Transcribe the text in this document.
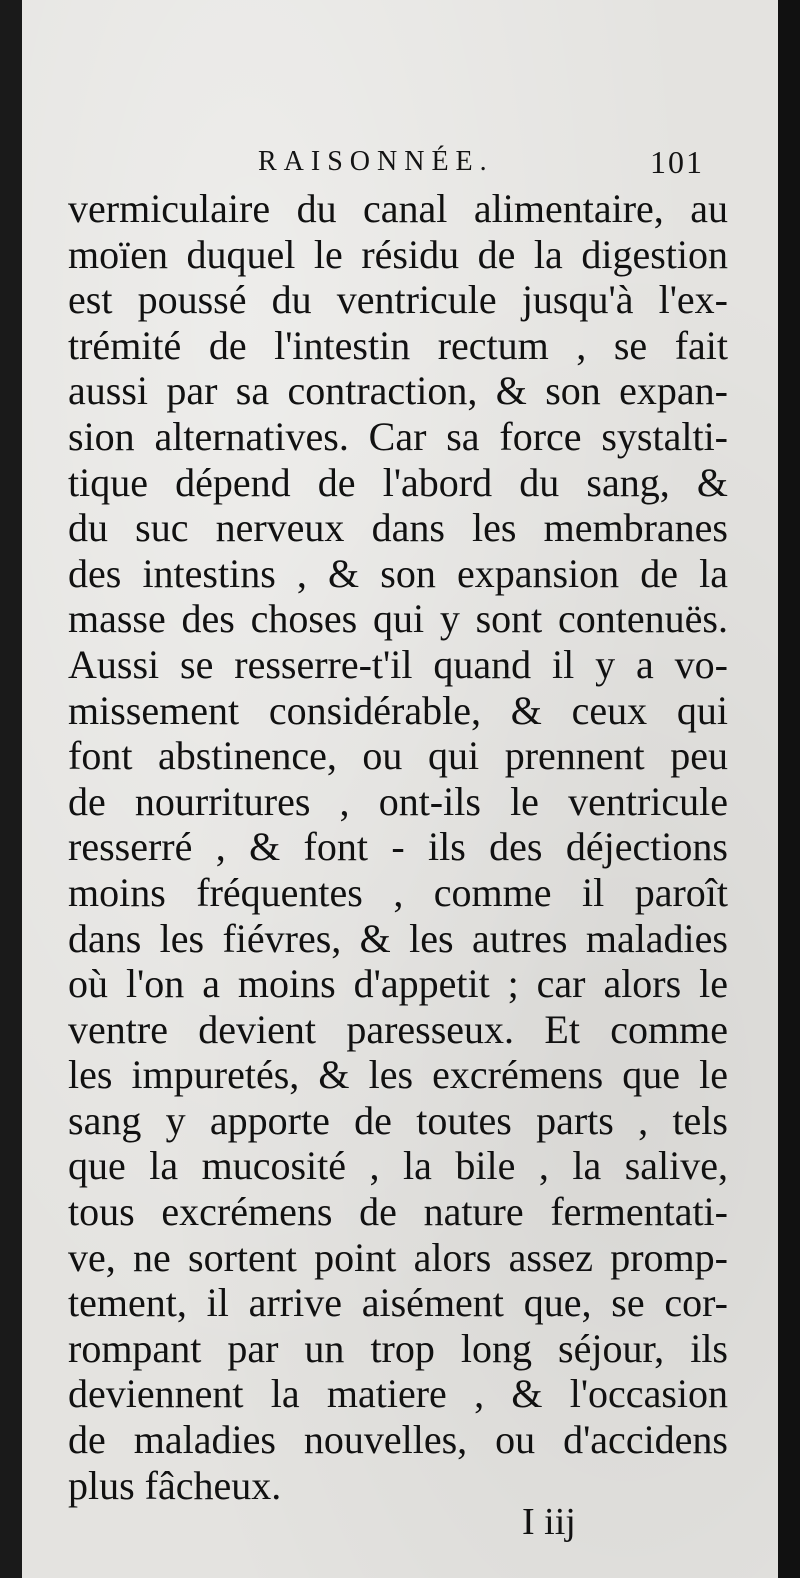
RAISONNÉE.	101
vermiculaire du canal alimentaire, au
moïen duquel le résidu de la digestion
est poussé du ventricule jusqu'à l'ex-
trémité de l'intestin rectum , se fait
aussi par sa contraction, & son expan-
sion alternatives. Car sa force systalti-
tique dépend de l'abord du sang, &
du suc nerveux dans les membranes
des intestins , & son expansion de la
masse des choses qui y sont contenuës.
Aussi se resserre-t'il quand il y a vo-
missement considérable, & ceux qui
font abstinence, ou qui prennent peu
de nourritures , ont-ils le ventricule
resserré , & font - ils des déjections
moins fréquentes , comme il paroît
dans les fiévres, & les autres maladies
où l'on a moins d'appetit ; car alors le
ventre devient paresseux. Et comme
les impuretés, & les excrémens que le
sang y apporte de toutes parts , tels
que la mucosité , la bile , la salive,
tous excrémens de nature fermentati-
ve, ne sortent point alors assez promp-
tement, il arrive aisément que, se cor-
rompant par un trop long séjour, ils
deviennent la matiere , & l'occasion
de maladies nouvelles, ou d'accidens
plus fâcheux.
I iij
